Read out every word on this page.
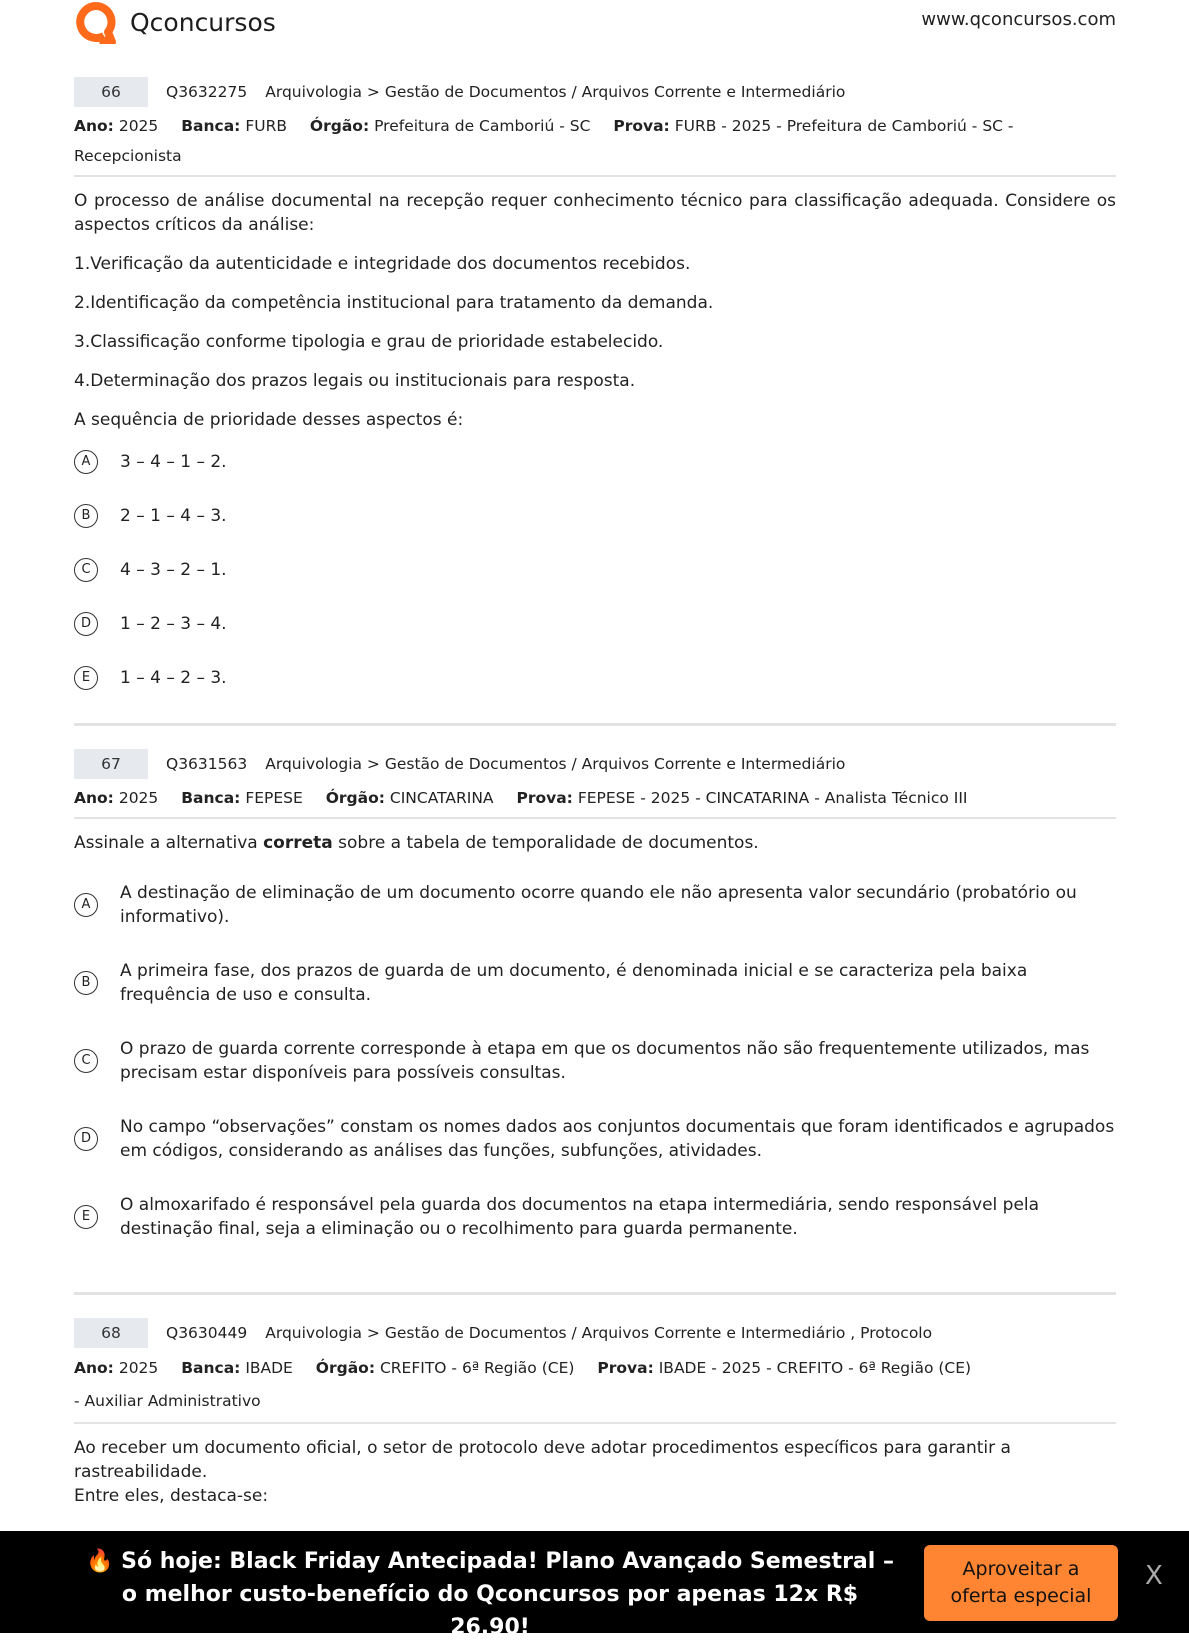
Qconcursos	www.qconcursos.com
66	Q3632275 Arquivologia > Gestão de Documentos / Arquivos Corrente e Intermediário
Ano: 2025 Banca: FURB Órgão: Prefeitura de Camboriú - SC Prova: FURB - 2025 - Prefeitura de Camboriú - SC - Recepcionista

O processo de análise documental na recepção requer conhecimento técnico para classificação adequada. Considere os aspectos críticos da análise:

1.Verificação da autenticidade e integridade dos documentos recebidos.

2.Identificação da competência institucional para tratamento da demanda.

3.Classificação conforme tipologia e grau de prioridade estabelecido.

4.Determinação dos prazos legais ou institucionais para resposta.

A sequência de prioridade desses aspectos é:

A	3 – 4 – 1 – 2.
B	2 – 1 – 4 – 3.
C	4 – 3 – 2 – 1.
D	1 – 2 – 3 – 4.
E	1 – 4 – 2 – 3.
67	Q3631563 Arquivologia > Gestão de Documentos / Arquivos Corrente e Intermediário
Ano: 2025 Banca: FEPESE Órgão: CINCATARINA Prova: FEPESE - 2025 - CINCATARINA - Analista Técnico III
Assinale a alternativa correta sobre a tabela de temporalidade de documentos.
A
A destinação de eliminação de um documento ocorre quando ele não apresenta valor secundário (probatório ou informativo).
B
A primeira fase, dos prazos de guarda de um documento, é denominada inicial e se caracteriza pela baixa frequência de uso e consulta.
C
O prazo de guarda corrente corresponde à etapa em que os documentos não são frequentemente utilizados, mas precisam estar disponíveis para possíveis consultas.
D
No campo “observações” constam os nomes dados aos conjuntos documentais que foram identificados e agrupados em códigos, considerando as análises das funções, subfunções, atividades.
E
O almoxarifado é responsável pela guarda dos documentos na etapa intermediária, sendo responsável pela destinação final, seja a eliminação ou o recolhimento para guarda permanente.
68	Q3630449 Arquivologia > Gestão de Documentos / Arquivos Corrente e Intermediário , Protocolo
Ano: 2025 Banca: IBADE Órgão: CREFITO - 6ª Região (CE) Prova: IBADE - 2025 - CREFITO - 6ª Região (CE) - Auxiliar Administrativo
Ao receber um documento oficial, o setor de protocolo deve adotar procedimentos específicos para garantir a rastreabilidade.
Entre eles, destaca-se:
🔥 Só hoje: Black Friday Antecipada! Plano Avançado Semestral – o melhor custo-benefício do Qconcursos por apenas 12x R$ 26,90!
Aproveitar a oferta especial
X
